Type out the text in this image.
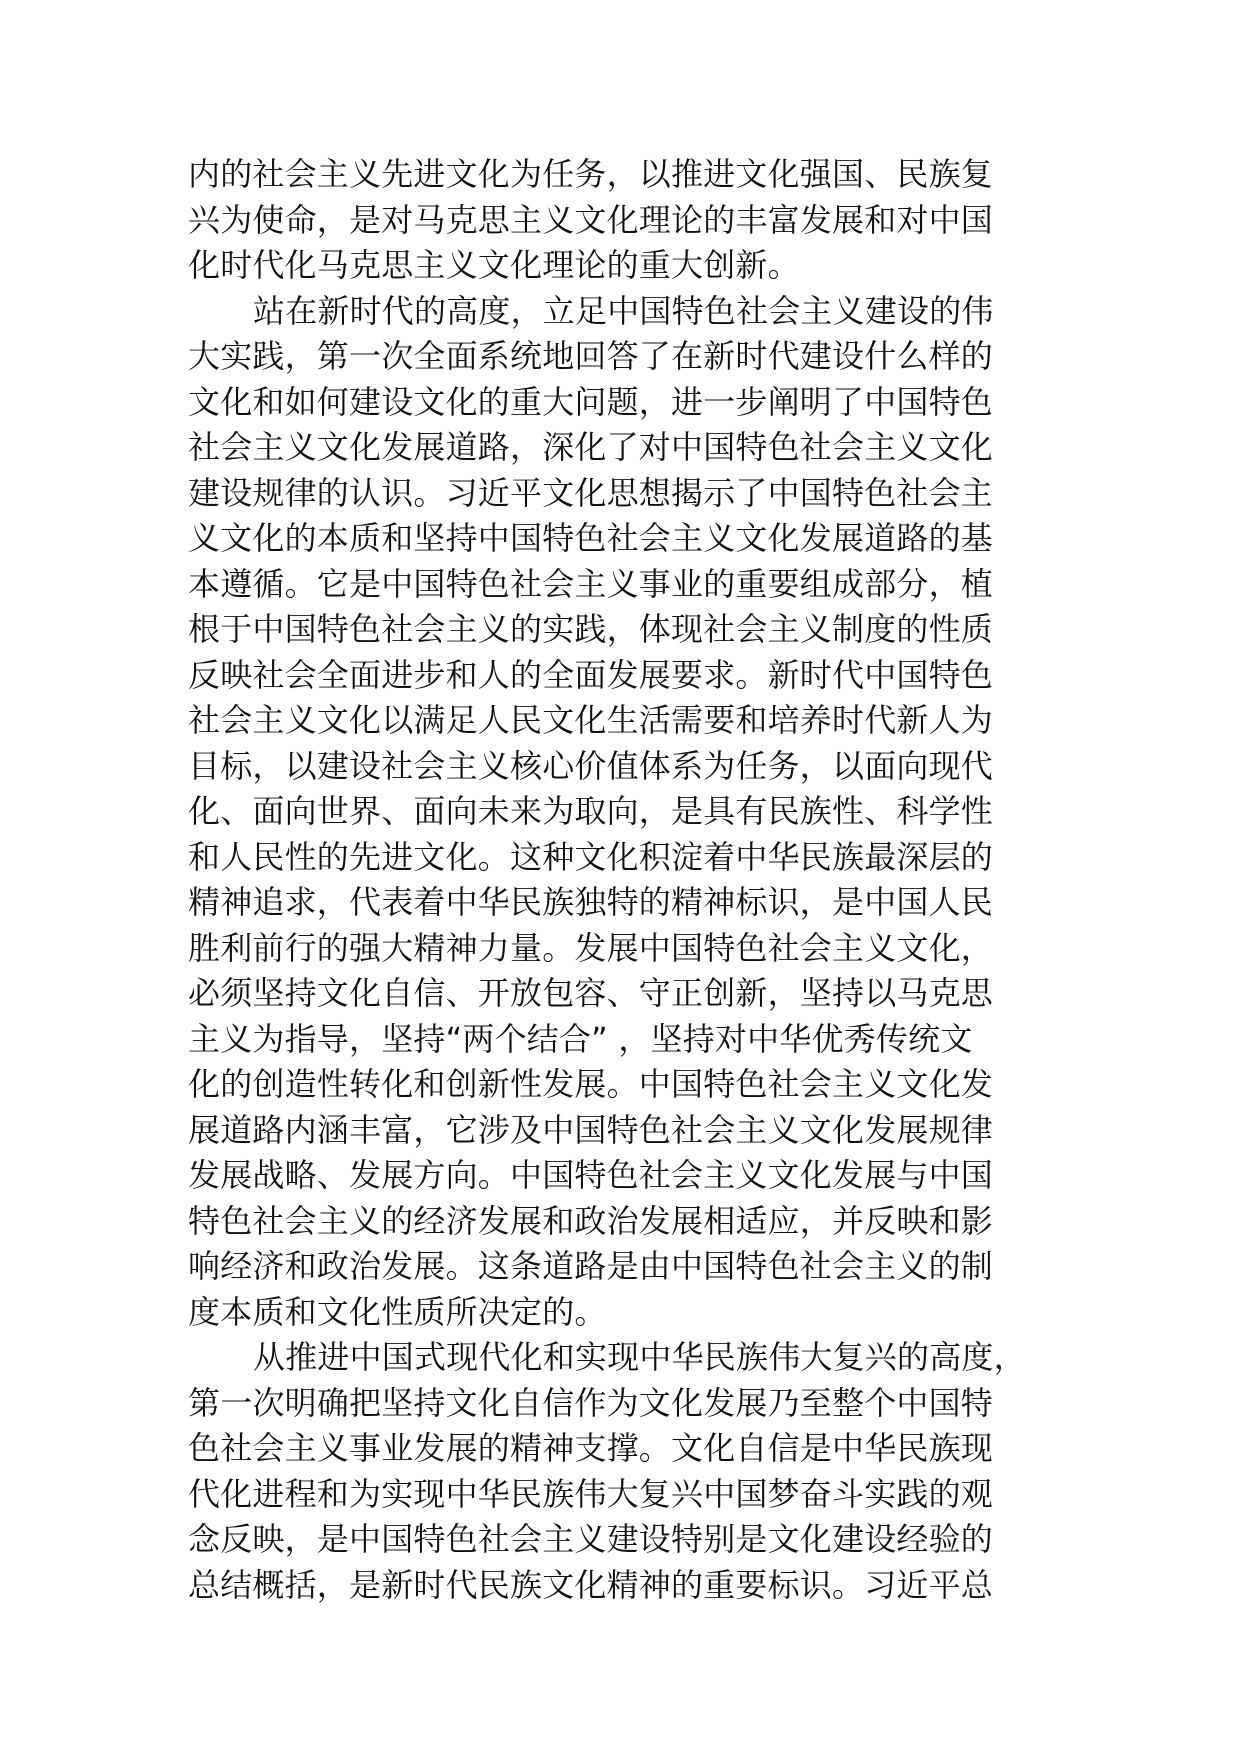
内的社会主义先进文化为任务，以推进文化强国、民族复
兴为使命，是对马克思主义文化理论的丰富发展和对中国
化时代化马克思主义文化理论的重大创新。
站在新时代的高度，立足中国特色社会主义建设的伟
大实践，第一次全面系统地回答了在新时代建设什么样的
文化和如何建设文化的重大问题，进一步阐明了中国特色
社会主义文化发展道路，深化了对中国特色社会主义文化
建设规律的认识。习近平文化思想揭示了中国特色社会主
义文化的本质和坚持中国特色社会主义文化发展道路的基
本遵循。它是中国特色社会主义事业的重要组成部分，植
根于中国特色社会主义的实践，体现社会主义制度的性质
反映社会全面进步和人的全面发展要求。新时代中国特色
社会主义文化以满足人民文化生活需要和培养时代新人为
目标，以建设社会主义核心价值体系为任务，以面向现代
化、面向世界、面向未来为取向，是具有民族性、科学性
和人民性的先进文化。这种文化积淀着中华民族最深层的
精神追求，代表着中华民族独特的精神标识，是中国人民
胜利前行的强大精神力量。发展中国特色社会主义文化，
必须坚持文化自信、开放包容、守正创新，坚持以马克思
主义为指导，坚持“两个结合” ，坚持对中华优秀传统文
化的创造性转化和创新性发展。中国特色社会主义文化发
展道路内涵丰富，它涉及中国特色社会主义文化发展规律
发展战略、发展方向。中国特色社会主义文化发展与中国
特色社会主义的经济发展和政治发展相适应，并反映和影
响经济和政治发展。这条道路是由中国特色社会主义的制
度本质和文化性质所决定的。
从推进中国式现代化和实现中华民族伟大复兴的高度，
第一次明确把坚持文化自信作为文化发展乃至整个中国特
色社会主义事业发展的精神支撑。文化自信是中华民族现
代化进程和为实现中华民族伟大复兴中国梦奋斗实践的观
念反映，是中国特色社会主义建设特别是文化建设经验的
总结概括，是新时代民族文化精神的重要标识。习近平总
